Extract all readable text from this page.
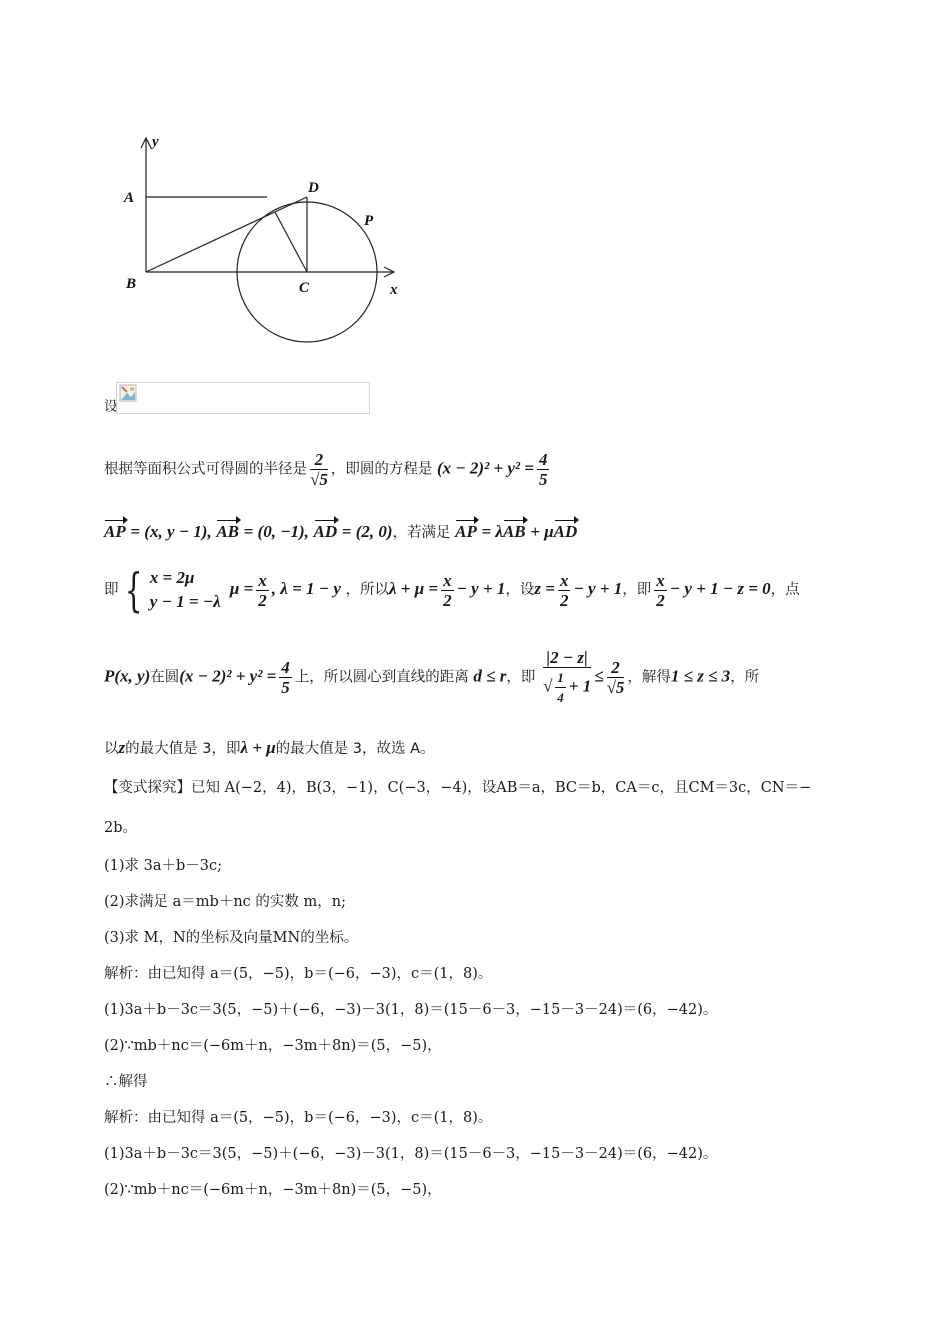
y
A
D
P
B	C	x
设
根据等面积公式可得圆的半径是 $\frac{2}{√5}$ ，即圆的方程是 $(x - 2)^2 + y^2 = \frac{4}{5}$
AP = (x, y − 1), AB = (0, −1), AD = (2, 0)，若满足 AP = λAB + μAD
即 { x = 2μ
y − 1 = −λ
$\mu = \frac{x}{2}$ , λ = 1 − y ，所以$\lambda + \mu = \frac{x}{2} - y + 1$，设$z = \frac{x}{2} - y + 1$，即 $\frac{x}{2} - y + 1 - z = 0$，点
P(x, y)在圆$(x - 2)^2 + y^2 = \frac{4}{5}$ 上，所以圆心到直线的距离 d ≤ r，即 $\frac{|2 - z|}{√ \frac{1}{4} + 1} \le \frac{2}{√5}$ ，解得1 ≤ z ≤ 3，所
以z的最大值是 3，即λ + μ的最大值是 3，故选 A。
【变式探究】已知 A(−2，4)，B(3，−1)，C(−3，−4)，设AB＝a，BC＝b，CA＝c，且CM＝3c，CN＝−
2b。
(1)求 3a＋b－3c;
(2)求满足 a＝mb＋nc 的实数 m，n;
(3)求 M，N的坐标及向量MN的坐标。
解析：由已知得 a＝(5，−5)，b＝(−6，−3)，c＝(1，8)。
(1)3a＋b－3c＝3(5，−5)＋(−6，−3)－3(1，8)＝(15－6－3，−15－3－24)＝(6，−42)。
(2)∵mb＋nc＝(−6m＋n，−3m＋8n)＝(5，−5)，
∴解得
解析：由已知得 a＝(5，−5)，b＝(−6，−3)，c＝(1，8)。
(1)3a＋b－3c＝3(5，−5)＋(−6，−3)－3(1，8)＝(15－6－3，−15－3－24)＝(6，−42)。
(2)∵mb＋nc＝(−6m＋n，−3m＋8n)＝(5，−5)，
